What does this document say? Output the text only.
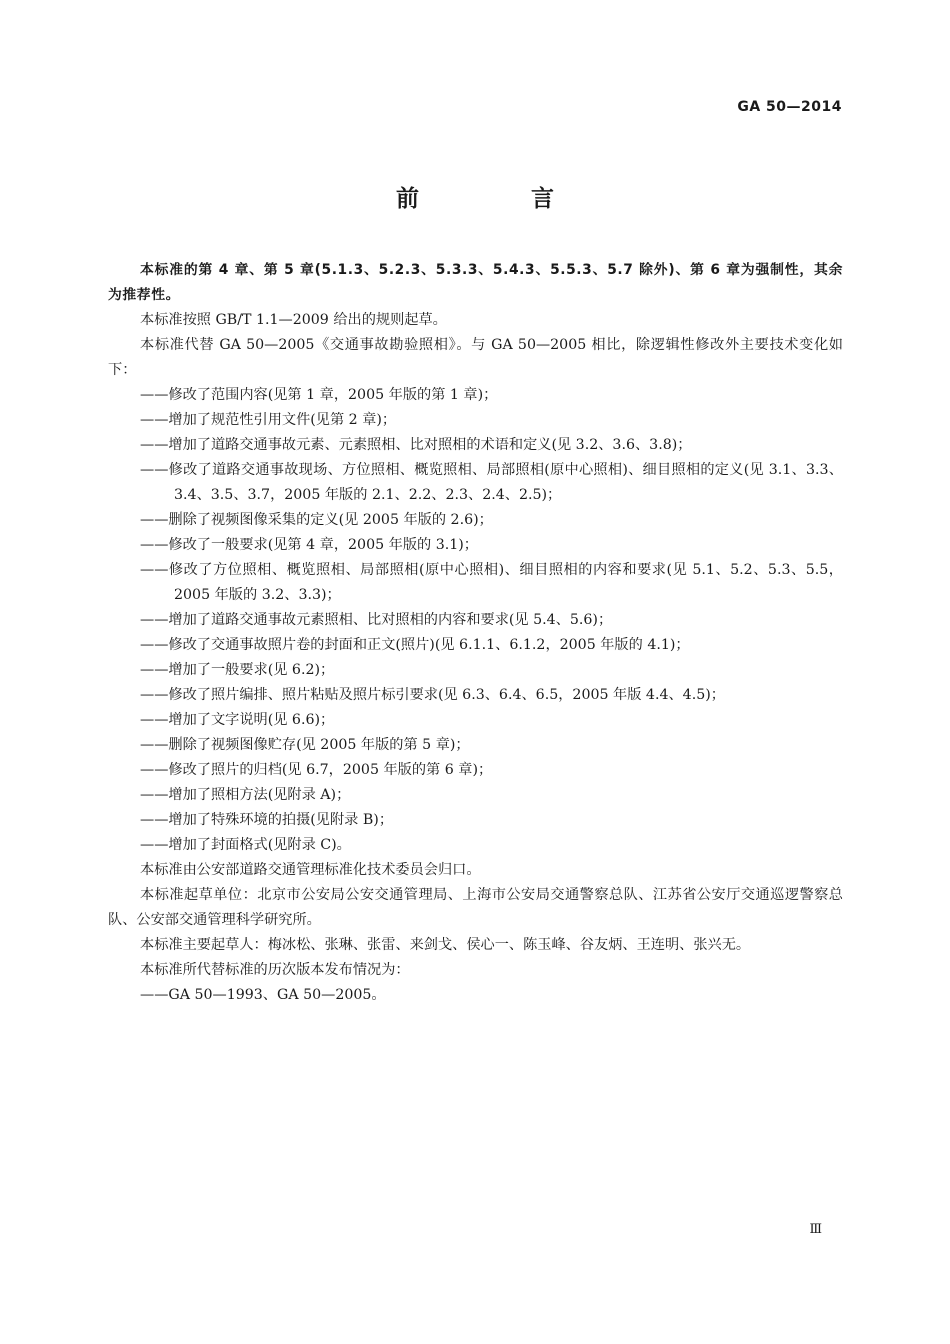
GA 50—2014
前 言

本标准的第 4 章、第 5 章(5.1.3、5.2.3、5.3.3、5.4.3、5.5.3、5.7 除外)、第 6 章为强制性，其余为推荐性。

本标准按照 GB/T 1.1—2009 给出的规则起草。

本标准代替 GA 50—2005《交通事故勘验照相》。与 GA 50—2005 相比，除逻辑性修改外主要技术变化如下：

——修改了范围内容(见第 1 章，2005 年版的第 1 章)；

——增加了规范性引用文件(见第 2 章)；

——增加了道路交通事故元素、元素照相、比对照相的术语和定义(见 3.2、3.6、3.8)；

——修改了道路交通事故现场、方位照相、概览照相、局部照相(原中心照相)、细目照相的定义(见 3.1、3.3、3.4、3.5、3.7，2005 年版的 2.1、2.2、2.3、2.4、2.5)；

——删除了视频图像采集的定义(见 2005 年版的 2.6)；

——修改了一般要求(见第 4 章，2005 年版的 3.1)；

——修改了方位照相、概览照相、局部照相(原中心照相)、细目照相的内容和要求(见 5.1、5.2、5.3、5.5，2005 年版的 3.2、3.3)；

——增加了道路交通事故元素照相、比对照相的内容和要求(见 5.4、5.6)；

——修改了交通事故照片卷的封面和正文(照片)(见 6.1.1、6.1.2，2005 年版的 4.1)；

——增加了一般要求(见 6.2)；

——修改了照片编排、照片粘贴及照片标引要求(见 6.3、6.4、6.5，2005 年版 4.4、4.5)；

——增加了文字说明(见 6.6)；

——删除了视频图像贮存(见 2005 年版的第 5 章)；

——修改了照片的归档(见 6.7，2005 年版的第 6 章)；

——增加了照相方法(见附录 A)；

——增加了特殊环境的拍摄(见附录 B)；

——增加了封面格式(见附录 C)。

本标准由公安部道路交通管理标准化技术委员会归口。

本标准起草单位：北京市公安局公安交通管理局、上海市公安局交通警察总队、江苏省公安厅交通巡逻警察总队、公安部交通管理科学研究所。

本标准主要起草人：梅冰松、张琳、张雷、来剑戈、侯心一、陈玉峰、谷友炳、王连明、张兴无。

本标准所代替标准的历次版本发布情况为：

——GA 50—1993、GA 50—2005。

Ⅲ
